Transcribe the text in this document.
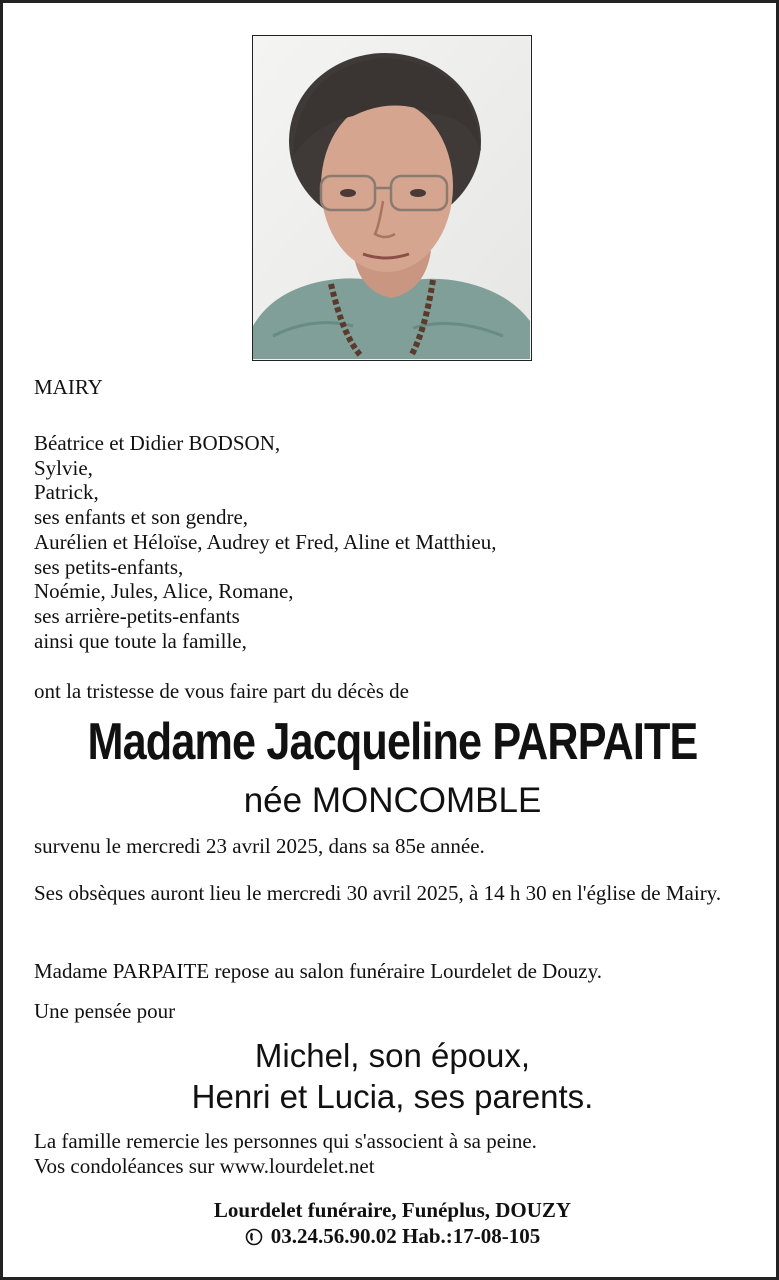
MAIRY
Béatrice et Didier BODSON,
Sylvie,
Patrick,
ses enfants et son gendre,
Aurélien et Héloïse, Audrey et Fred, Aline et Matthieu,
ses petits-enfants,
Noémie, Jules, Alice, Romane,
ses arrière-petits-enfants
ainsi que toute la famille,
ont la tristesse de vous faire part du décès de
Madame Jacqueline PARPAITE
née MONCOMBLE
survenu le mercredi 23 avril 2025, dans sa 85e année.
Ses obsèques auront lieu le mercredi 30 avril 2025, à 14 h 30 en l'église de Mairy.
Madame PARPAITE repose au salon funéraire Lourdelet de Douzy.
Une pensée pour
Michel, son époux,
Henri et Lucia, ses parents.
La famille remercie les personnes qui s'associent à sa peine.
Vos condoléances sur www.lourdelet.net
Lourdelet funéraire, Funéplus, DOUZY
03.24.56.90.02 Hab.:17-08-105
